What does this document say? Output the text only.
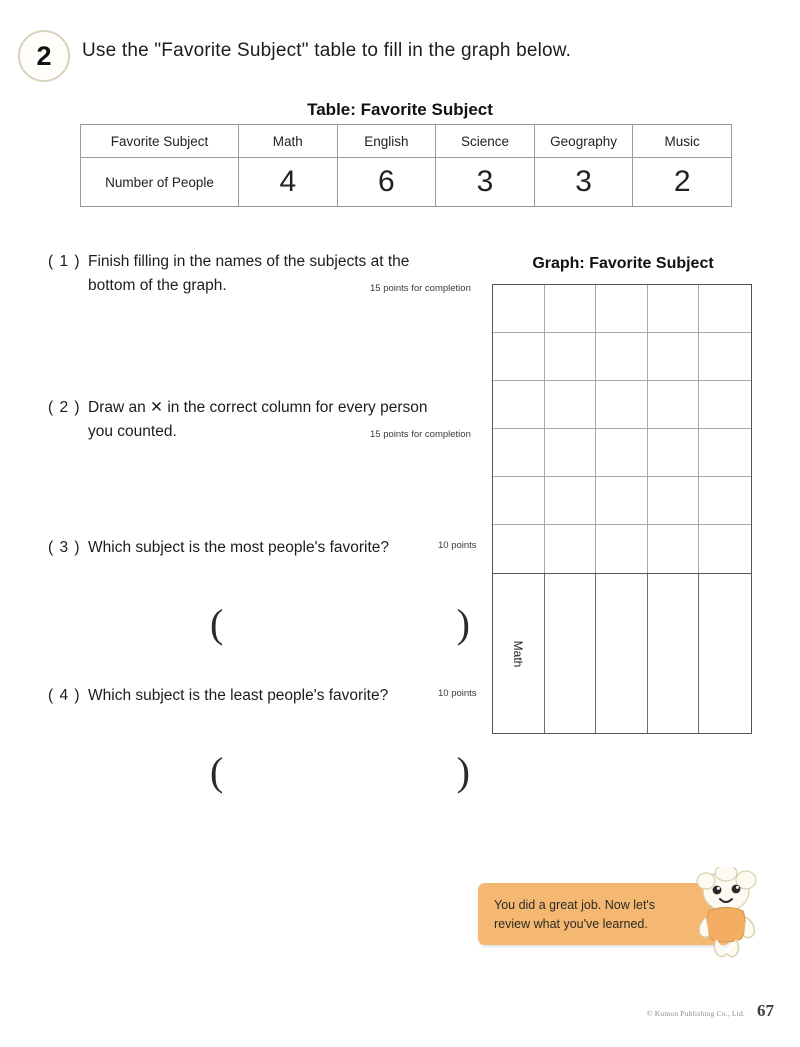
2	Use the "Favorite Subject" table to fill in the graph below.
Table: Favorite Subject
Favorite Subject	Math	English	Science	Geography	Music
Number of People	4	6	3	3	2
( 1 ) Finish filling in the names of the subjects at the
bottom of the graph.	15 points for completion
( 2 ) Draw an ✕ in the correct column for every person
you counted.	15 points for completion
( 3 ) Which subject is the most people's favorite?	10 points
( 4 ) Which subject is the least people's favorite?	10 points
(	)
(	)
Graph: Favorite Subject
Math
You did a great job. Now let's
review what you've learned.
© Kumon Publishing Co., Ltd. 67
